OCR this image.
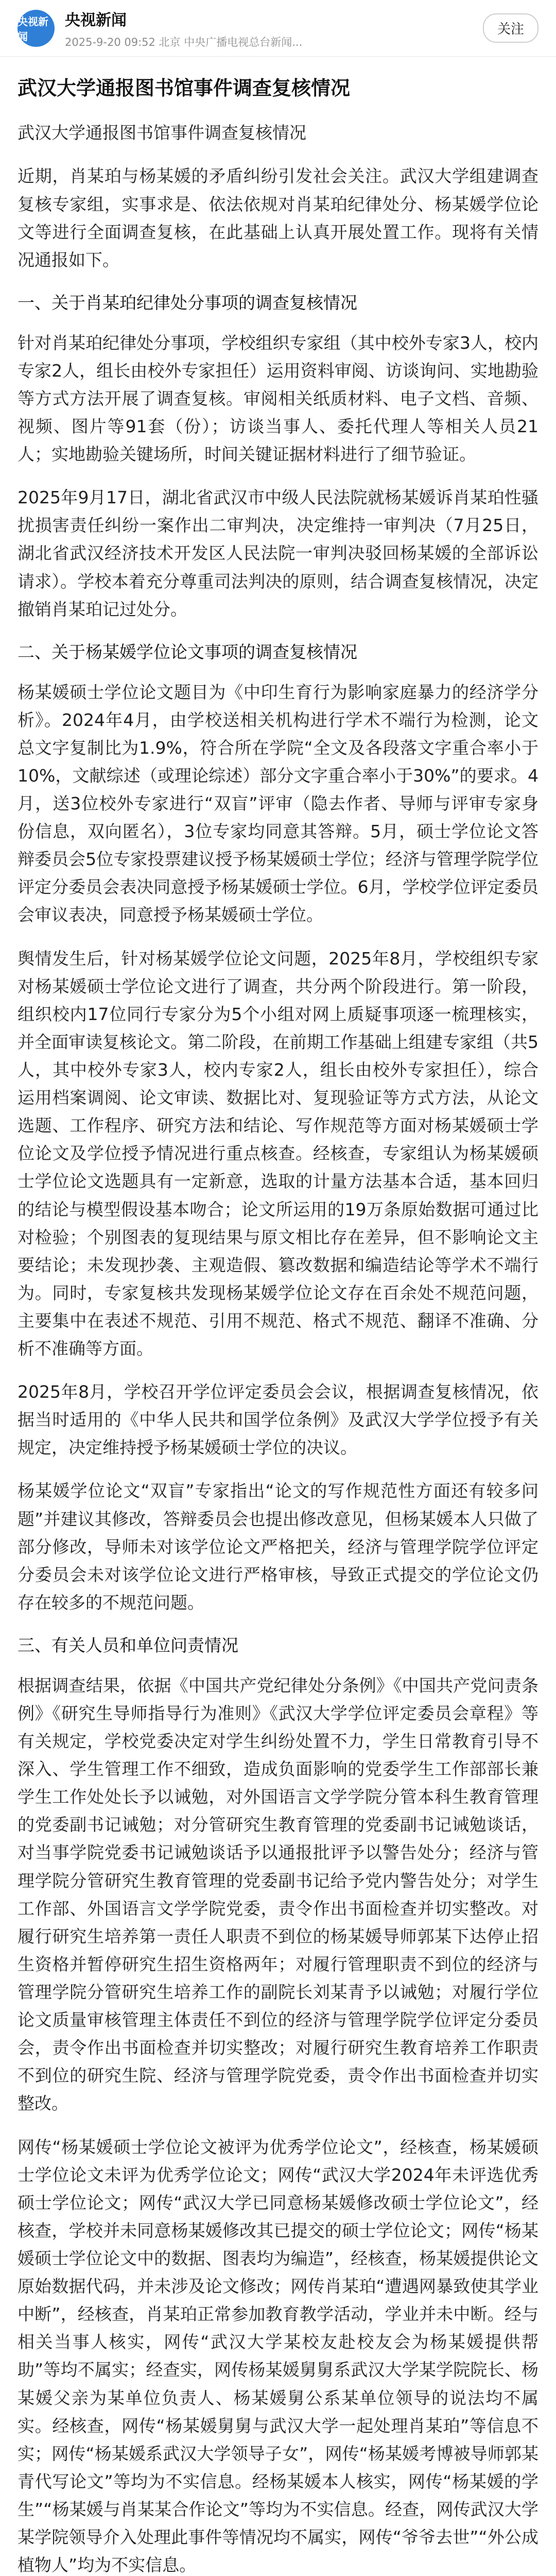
央视新闻
央视新闻
2025-9-20 09:52 北京 中央广播电视总台新闻...
关注
武汉大学通报图书馆事件调查复核情况

武汉大学通报图书馆事件调查复核情况

近期，肖某珀与杨某媛的矛盾纠纷引发社会关注。武汉大学组建调查复核专家组，实事求是、依法依规对肖某珀纪律处分、杨某媛学位论文等进行全面调查复核，在此基础上认真开展处置工作。现将有关情况通报如下。

一、关于肖某珀纪律处分事项的调查复核情况

针对肖某珀纪律处分事项，学校组织专家组（其中校外专家3人，校内专家2人，组长由校外专家担任）运用资料审阅、访谈询问、实地勘验等方式方法开展了调查复核。审阅相关纸质材料、电子文档、音频、视频、图片等91套（份）；访谈当事人、委托代理人等相关人员21人；实地勘验关键场所，时间关键证据材料进行了细节验证。

2025年9月17日，湖北省武汉市中级人民法院就杨某媛诉肖某珀性骚扰损害责任纠纷一案作出二审判决，决定维持一审判决（7月25日，湖北省武汉经济技术开发区人民法院一审判决驳回杨某媛的全部诉讼请求）。学校本着充分尊重司法判决的原则，结合调查复核情况，决定撤销肖某珀记过处分。

二、关于杨某媛学位论文事项的调查复核情况

杨某媛硕士学位论文题目为《中印生育行为影响家庭暴力的经济学分析》。2024年4月，由学校送相关机构进行学术不端行为检测，论文总文字复制比为1.9%，符合所在学院“全文及各段落文字重合率小于10%，文献综述（或理论综述）部分文字重合率小于30%”的要求。4月，送3位校外专家进行“双盲”评审（隐去作者、导师与评审专家身份信息，双向匿名），3位专家均同意其答辩。5月，硕士学位论文答辩委员会5位专家投票建议授予杨某媛硕士学位；经济与管理学院学位评定分委员会表决同意授予杨某媛硕士学位。6月，学校学位评定委员会审议表决，同意授予杨某媛硕士学位。

舆情发生后，针对杨某媛学位论文问题，2025年8月，学校组织专家对杨某媛硕士学位论文进行了调查，共分两个阶段进行。第一阶段，组织校内17位同行专家分为5个小组对网上质疑事项逐一梳理核实，并全面审读复核论文。第二阶段，在前期工作基础上组建专家组（共5人，其中校外专家3人，校内专家2人，组长由校外专家担任），综合运用档案调阅、论文审读、数据比对、复现验证等方式方法，从论文选题、工作程序、研究方法和结论、写作规范等方面对杨某媛硕士学位论文及学位授予情况进行重点核查。经核查，专家组认为杨某媛硕士学位论文选题具有一定新意，选取的计量方法基本合适，基本回归的结论与模型假设基本吻合；论文所运用的19万条原始数据可通过比对检验；个别图表的复现结果与原文相比存在差异，但不影响论文主要结论；未发现抄袭、主观造假、篡改数据和编造结论等学术不端行为。同时，专家复核共发现杨某媛学位论文存在百余处不规范问题，主要集中在表述不规范、引用不规范、格式不规范、翻译不准确、分析不准确等方面。

2025年8月，学校召开学位评定委员会会议，根据调查复核情况，依据当时适用的《中华人民共和国学位条例》及武汉大学学位授予有关规定，决定维持授予杨某媛硕士学位的决议。

杨某媛学位论文“双盲”专家指出“论文的写作规范性方面还有较多问题”并建议其修改，答辩委员会也提出修改意见，但杨某媛本人只做了部分修改，导师未对该学位论文严格把关，经济与管理学院学位评定分委员会未对该学位论文进行严格审核，导致正式提交的学位论文仍存在较多的不规范问题。

三、有关人员和单位问责情况

根据调查结果，依据《中国共产党纪律处分条例》《中国共产党问责条例》《研究生导师指导行为准则》《武汉大学学位评定委员会章程》等有关规定，学校党委决定对学生纠纷处置不力，学生日常教育引导不深入、学生管理工作不细致，造成负面影响的党委学生工作部部长兼学生工作处处长予以诫勉，对外国语言文学学院分管本科生教育管理的党委副书记诫勉；对分管研究生教育管理的党委副书记诫勉谈话，对当事学院党委书记诫勉谈话予以通报批评予以警告处分；经济与管理学院分管研究生教育管理的党委副书记给予党内警告处分；对学生工作部、外国语言文学学院党委，责令作出书面检查并切实整改。对履行研究生培养第一责任人职责不到位的杨某媛导师郭某下达停止招生资格并暂停研究生招生资格两年；对履行管理职责不到位的经济与管理学院分管研究生培养工作的副院长刘某青予以诫勉；对履行学位论文质量审核管理主体责任不到位的经济与管理学院学位评定分委员会，责令作出书面检查并切实整改；对履行研究生教育培养工作职责不到位的研究生院、经济与管理学院党委，责令作出书面检查并切实整改。

网传“杨某媛硕士学位论文被评为优秀学位论文”，经核查，杨某媛硕士学位论文未评为优秀学位论文；网传“武汉大学2024年未评选优秀硕士学位论文；网传“武汉大学已同意杨某媛修改硕士学位论文”，经核查，学校并未同意杨某媛修改其已提交的硕士学位论文；网传“杨某媛硕士学位论文中的数据、图表均为编造”，经核查，杨某媛提供论文原始数据代码，并未涉及论文修改；网传肖某珀“遭遇网暴致使其学业中断”，经核查，肖某珀正常参加教育教学活动，学业并未中断。经与相关当事人核实，网传“武汉大学某校友赴校友会为杨某媛提供帮助”等均不属实；经查实，网传杨某媛舅舅系武汉大学某学院院长、杨某媛父亲为某单位负责人、杨某媛舅公系某单位领导的说法均不属实。经核查，网传“杨某媛舅舅与武汉大学一起处理肖某珀”等信息不实；网传“杨某媛系武汉大学领导子女”，网传“杨某媛考博被导师郭某青代写论文”等均为不实信息。经杨某媛本人核实，网传“杨某媛的学生”“杨某媛与肖某某合作论文”等均为不实信息。经查，网传武汉大学某学院领导介入处理此事件等情况均不属实，网传“爷爷去世”“外公成植物人”均为不实信息。
